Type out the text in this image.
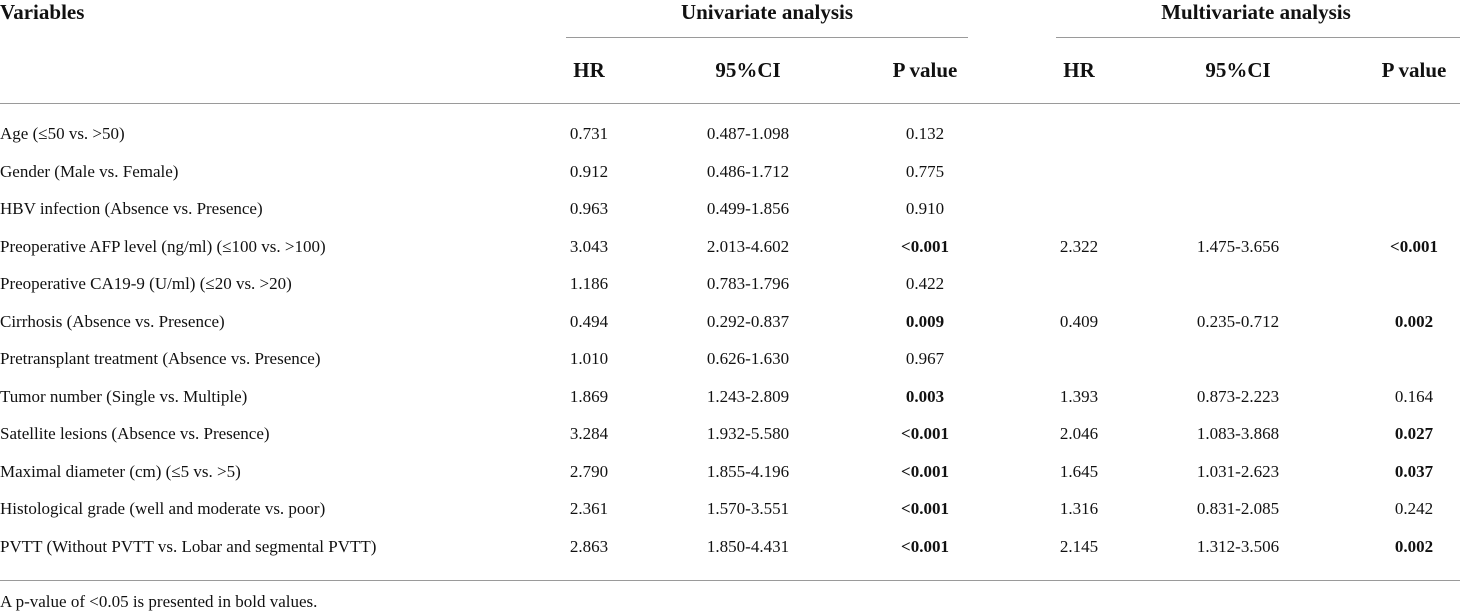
Variables	Univariate analysis	Multivariate analysis
HR	95%CI	P value	HR	95%CI	P value
Age (≤50 vs. >50)	0.731	0.487-1.098	0.132
Gender (Male vs. Female)	0.912	0.486-1.712	0.775
HBV infection (Absence vs. Presence)	0.963	0.499-1.856	0.910
Preoperative AFP level (ng/ml) (≤100 vs. >100)	3.043	2.013-4.602	<0.001	2.322	1.475-3.656	<0.001
Preoperative CA19-9 (U/ml) (≤20 vs. >20)	1.186	0.783-1.796	0.422
Cirrhosis (Absence vs. Presence)	0.494	0.292-0.837	0.009	0.409	0.235-0.712	0.002
Pretransplant treatment (Absence vs. Presence)	1.010	0.626-1.630	0.967
Tumor number (Single vs. Multiple)	1.869	1.243-2.809	0.003	1.393	0.873-2.223	0.164
Satellite lesions (Absence vs. Presence)	3.284	1.932-5.580	<0.001	2.046	1.083-3.868	0.027
Maximal diameter (cm) (≤5 vs. >5)	2.790	1.855-4.196	<0.001	1.645	1.031-2.623	0.037
Histological grade (well and moderate vs. poor)	2.361	1.570-3.551	<0.001	1.316	0.831-2.085	0.242
PVTT (Without PVTT vs. Lobar and segmental PVTT)	2.863	1.850-4.431	<0.001	2.145	1.312-3.506	0.002
A p-value of <0.05 is presented in bold values.
